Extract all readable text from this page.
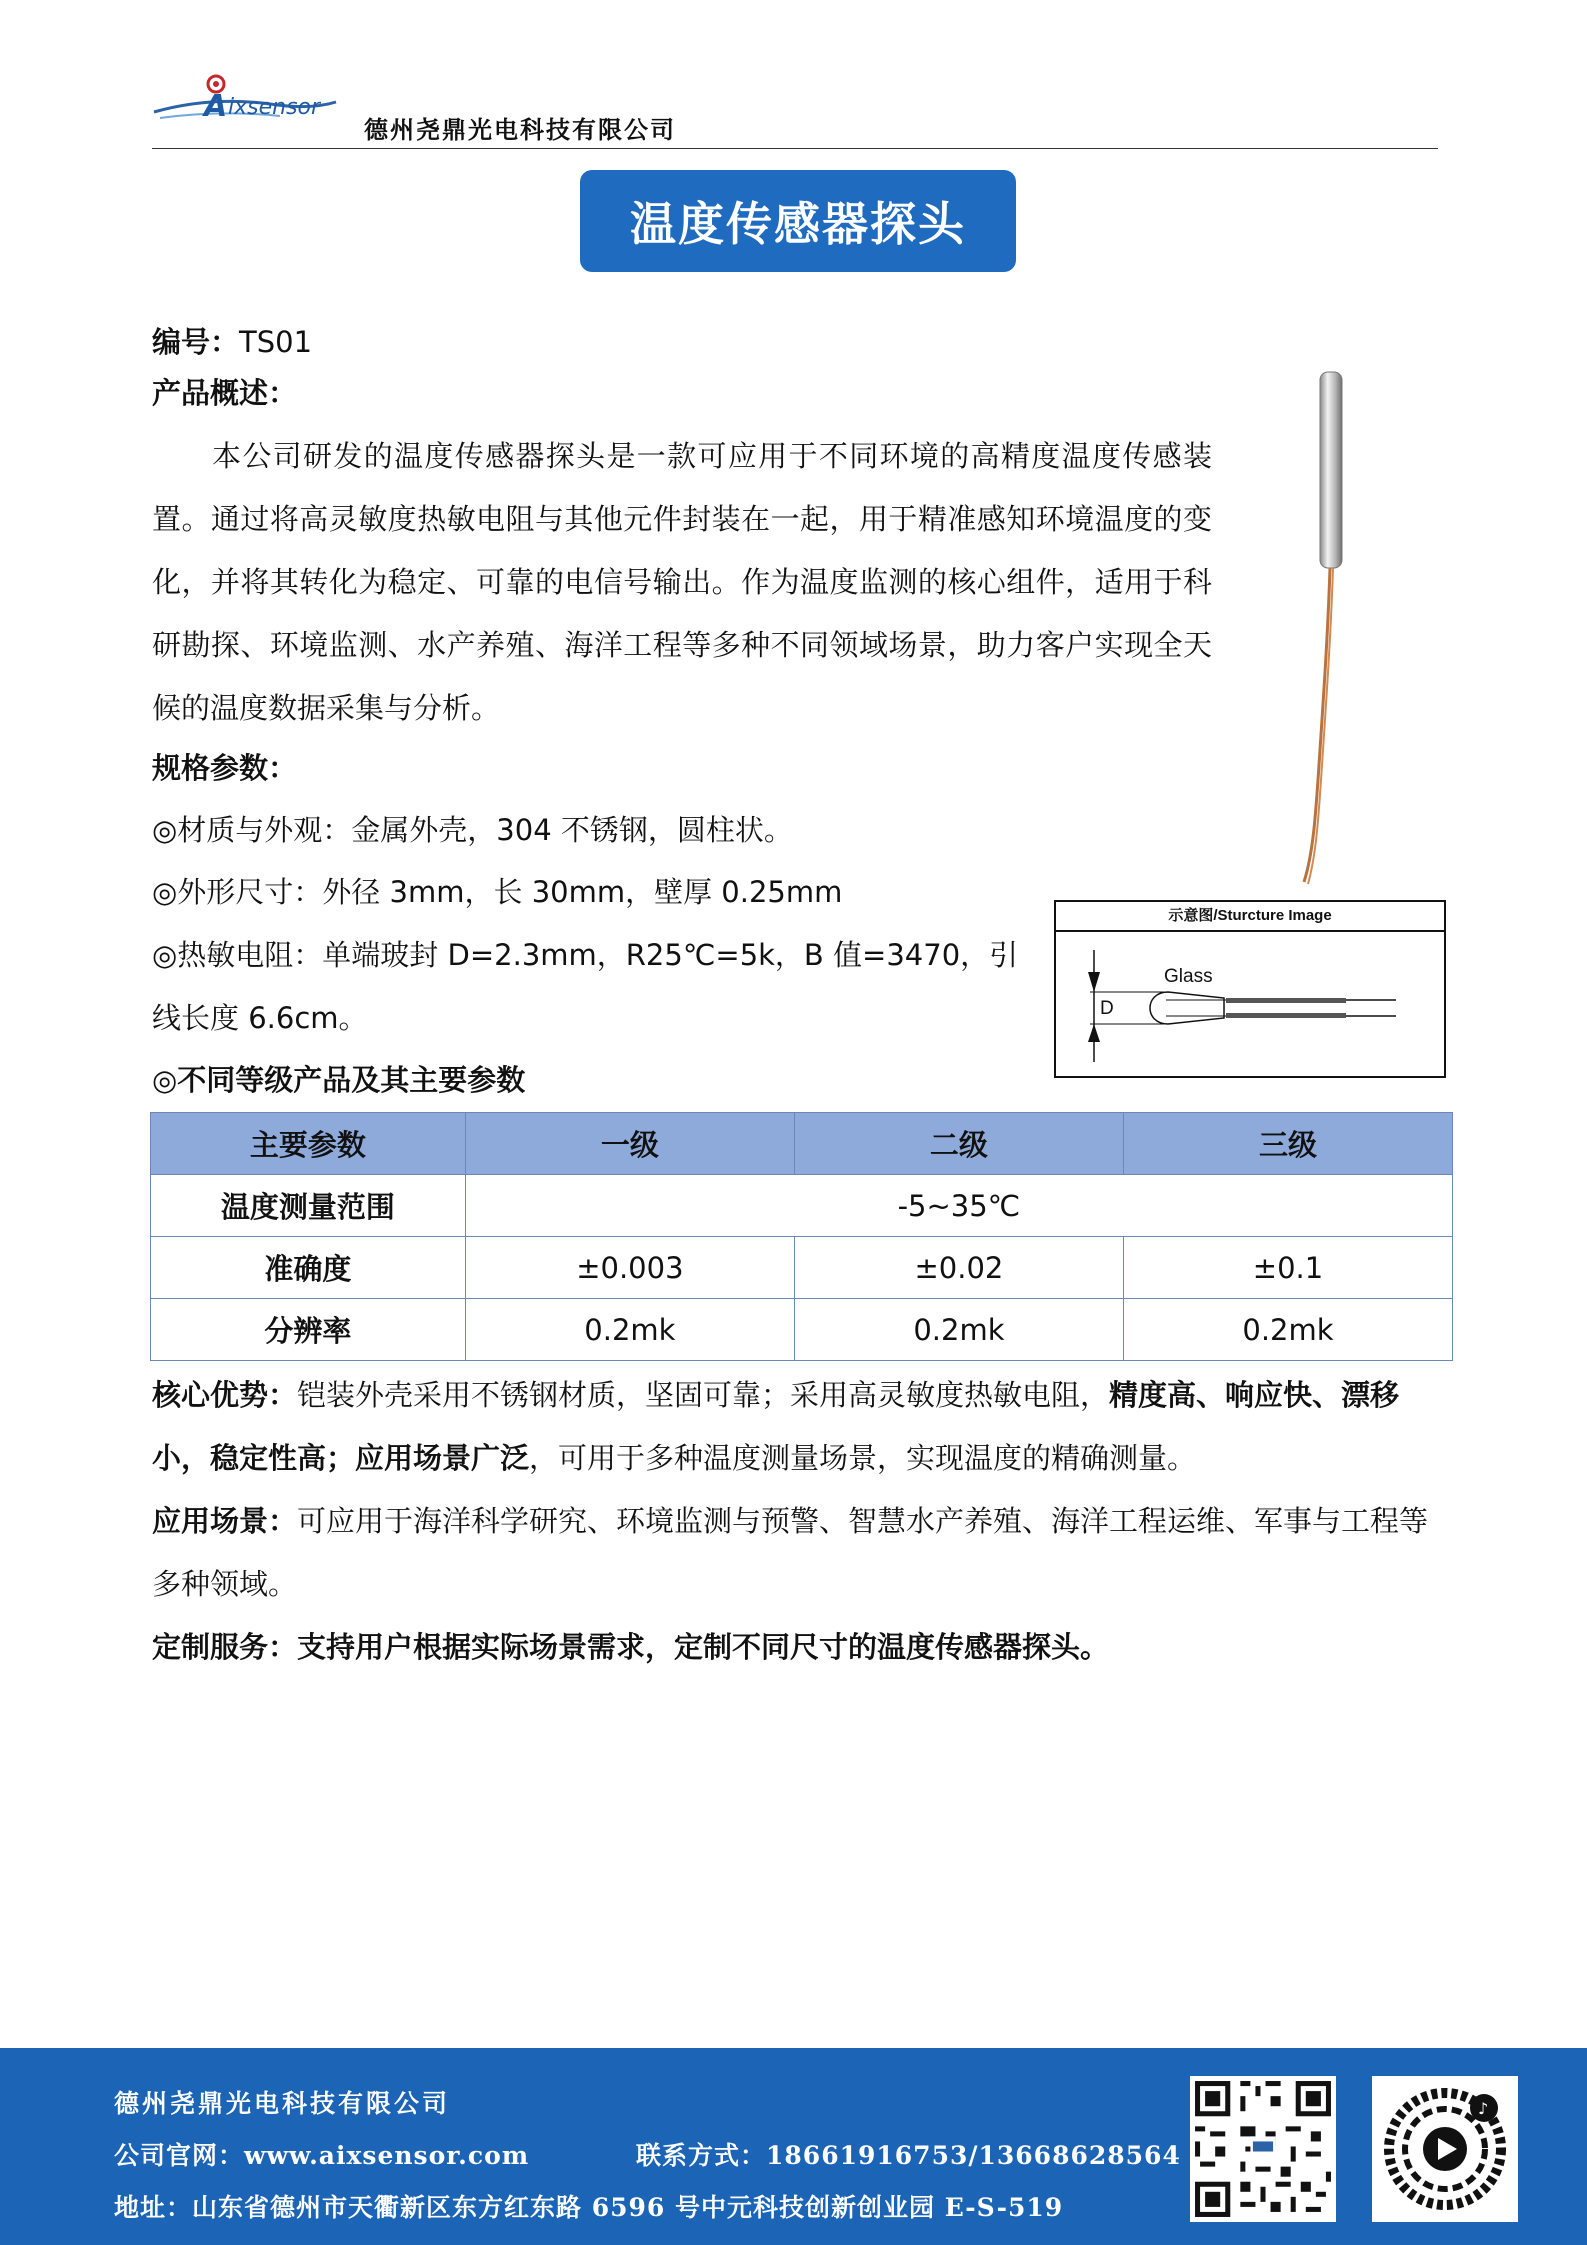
A ixsensor
德州尧鼎光电科技有限公司
温度传感器探头
编号：TS01
产品概述：
本公司研发的温度传感器探头是一款可应用于不同环境的高精度温度传感装置。通过将高灵敏度热敏电阻与其他元件封装在一起，用于精准感知环境温度的变化，并将其转化为稳定、可靠的电信号输出。作为温度监测的核心组件，适用于科研勘探、环境监测、水产养殖、海洋工程等多种不同领域场景，助力客户实现全天候的温度数据采集与分析。
规格参数：
◎材质与外观：金属外壳，304 不锈钢，圆柱状。
◎外形尺寸：外径 3mm，长 30mm，壁厚 0.25mm
◎热敏电阻：单端玻封 D=2.3mm，R25℃=5k，B 值=3470，引线长度 6.6cm。
◎不同等级产品及其主要参数
示意图/Sturcture Image
Glass
D
主要参数	一级	二级	三级
温度测量范围	-5~35℃		
准确度	±0.003	±0.02	±0.1
分辨率	0.2mk	0.2mk	0.2mk
核心优势：铠装外壳采用不锈钢材质，坚固可靠；采用高灵敏度热敏电阻，精度高、响应快、漂移小，稳定性高；应用场景广泛，可用于多种温度测量场景，实现温度的精确测量。
应用场景：可应用于海洋科学研究、环境监测与预警、智慧水产养殖、海洋工程运维、军事与工程等多种领域。
定制服务：支持用户根据实际场景需求，定制不同尺寸的温度传感器探头。
德州尧鼎光电科技有限公司
公司官网：www.aixsensor.com	联系方式：18661916753/13668628564
地址：山东省德州市天衢新区东方红东路 6596 号中元科技创新创业园 E-S-519
♪
